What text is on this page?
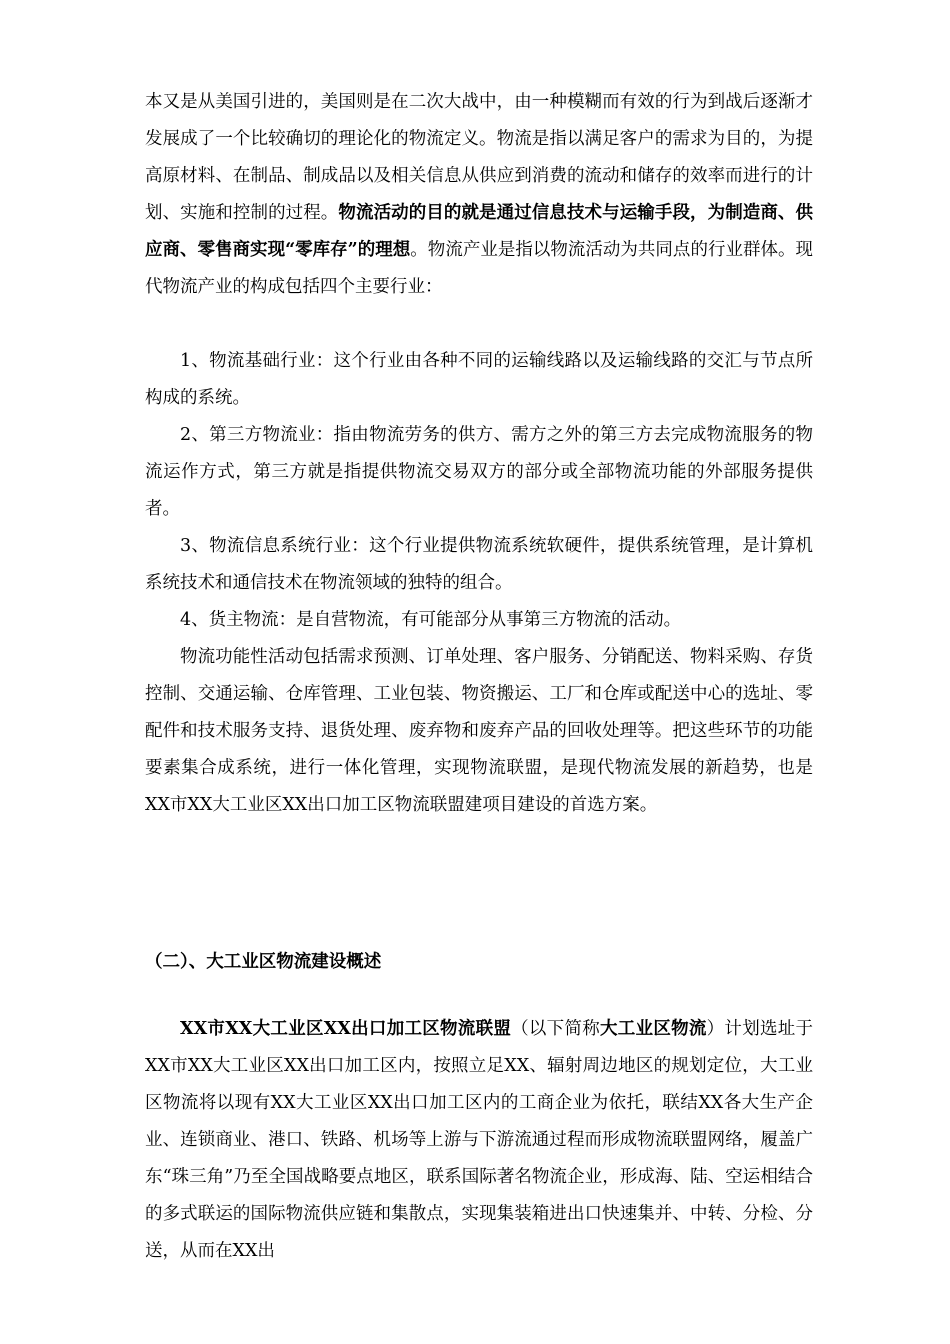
本又是从美国引进的，美国则是在二次大战中，由一种模糊而有效的行为到战后逐渐才发展成了一个比较确切的理论化的物流定义。物流是指以满足客户的需求为目的，为提高原材料、在制品、制成品以及相关信息从供应到消费的流动和储存的效率而进行的计划、实施和控制的过程。物流活动的目的就是通过信息技术与运输手段，为制造商、供应商、零售商实现“零库存”的理想。物流产业是指以物流活动为共同点的行业群体。现代物流产业的构成包括四个主要行业：

1、物流基础行业：这个行业由各种不同的运输线路以及运输线路的交汇与节点所构成的系统。

2、第三方物流业：指由物流劳务的供方、需方之外的第三方去完成物流服务的物流运作方式，第三方就是指提供物流交易双方的部分或全部物流功能的外部服务提供者。

3、物流信息系统行业：这个行业提供物流系统软硬件，提供系统管理，是计算机系统技术和通信技术在物流领域的独特的组合。

4、货主物流：是自营物流，有可能部分从事第三方物流的活动。

物流功能性活动包括需求预测、订单处理、客户服务、分销配送、物料采购、存货控制、交通运输、仓库管理、工业包装、物资搬运、工厂和仓库或配送中心的选址、零配件和技术服务支持、退货处理、废弃物和废弃产品的回收处理等。把这些环节的功能要素集合成系统，进行一体化管理，实现物流联盟，是现代物流发展的新趋势，也是XX市XX大工业区XX出口加工区物流联盟建项目建设的首选方案。

（二）、大工业区物流建设概述

XX市XX大工业区XX出口加工区物流联盟（以下简称大工业区物流）计划选址于XX市XX大工业区XX出口加工区内，按照立足XX、辐射周边地区的规划定位，大工业区物流将以现有XX大工业区XX出口加工区内的工商企业为依托，联结XX各大生产企业、连锁商业、港口、铁路、机场等上游与下游流通过程而形成物流联盟网络，履盖广东“珠三角”乃至全国战略要点地区，联系国际著名物流企业，形成海、陆、空运相结合的多式联运的国际物流供应链和集散点，实现集装箱进出口快速集并、中转、分检、分送，从而在XX出
